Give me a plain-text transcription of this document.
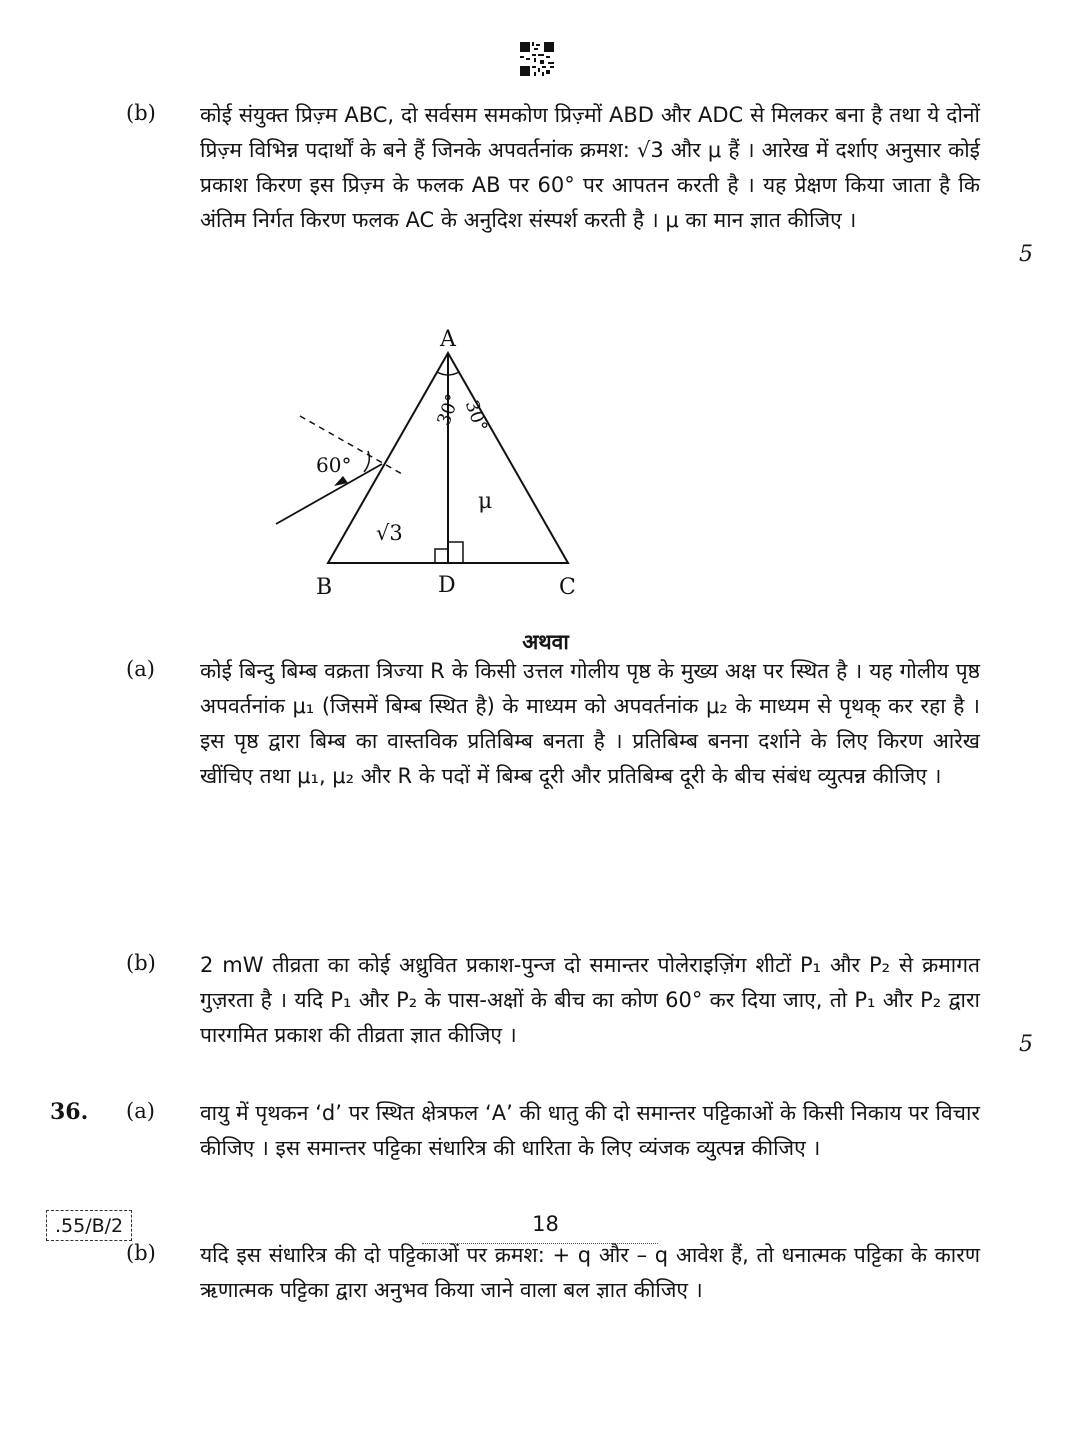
(b) कोई संयुक्त प्रिज़्म ABC, दो सर्वसम समकोण प्रिज़्मों ABD और ADC से मिलकर बना है तथा ये दोनों प्रिज़्म विभिन्न पदार्थों के बने हैं जिनके अपवर्तनांक क्रमश: √3 और μ हैं । आरेख में दर्शाए अनुसार कोई प्रकाश किरण इस प्रिज़्म के फलक AB पर 60° पर आपतन करती है । यह प्रेक्षण किया जाता है कि अंतिम निर्गत किरण फलक AC के अनुदिश संस्पर्श करती है । μ का मान ज्ञात कीजिए ।
5
A
B	D	C
30°
30°
60°
√3
μ
अथवा
(a) कोई बिन्दु बिम्ब वक्रता त्रिज्या R के किसी उत्तल गोलीय पृष्ठ के मुख्य अक्ष पर स्थित है । यह गोलीय पृष्ठ अपवर्तनांक μ₁ (जिसमें बिम्ब स्थित है) के माध्यम को अपवर्तनांक μ₂ के माध्यम से पृथक् कर रहा है । इस पृष्ठ द्वारा बिम्ब का वास्तविक प्रतिबिम्ब बनता है । प्रतिबिम्ब बनना दर्शाने के लिए किरण आरेख खींचिए तथा μ₁, μ₂ और R के पदों में बिम्ब दूरी और प्रतिबिम्ब दूरी के बीच संबंध व्युत्पन्न कीजिए ।
(b) 2 mW तीव्रता का कोई अध्रुवित प्रकाश-पुन्ज दो समान्तर पोलेराइज़िंग शीटों P₁ और P₂ से क्रमागत गुज़रता है । यदि P₁ और P₂ के पास-अक्षों के बीच का कोण 60° कर दिया जाए, तो P₁ और P₂ द्वारा पारगमित प्रकाश की तीव्रता ज्ञात कीजिए ।	5
36. (a) वायु में पृथकन ‘d’ पर स्थित क्षेत्रफल ‘A’ की धातु की दो समान्तर पट्टिकाओं के किसी निकाय पर विचार कीजिए । इस समान्तर पट्टिका संधारित्र की धारिता के लिए व्यंजक व्युत्पन्न कीजिए ।
(b) यदि इस संधारित्र की दो पट्टिकाओं पर क्रमश: + q और – q आवेश हैं, तो धनात्मक पट्टिका के कारण ऋणात्मक पट्टिका द्वारा अनुभव किया जाने वाला बल ज्ञात कीजिए ।
.55/B/2	18
